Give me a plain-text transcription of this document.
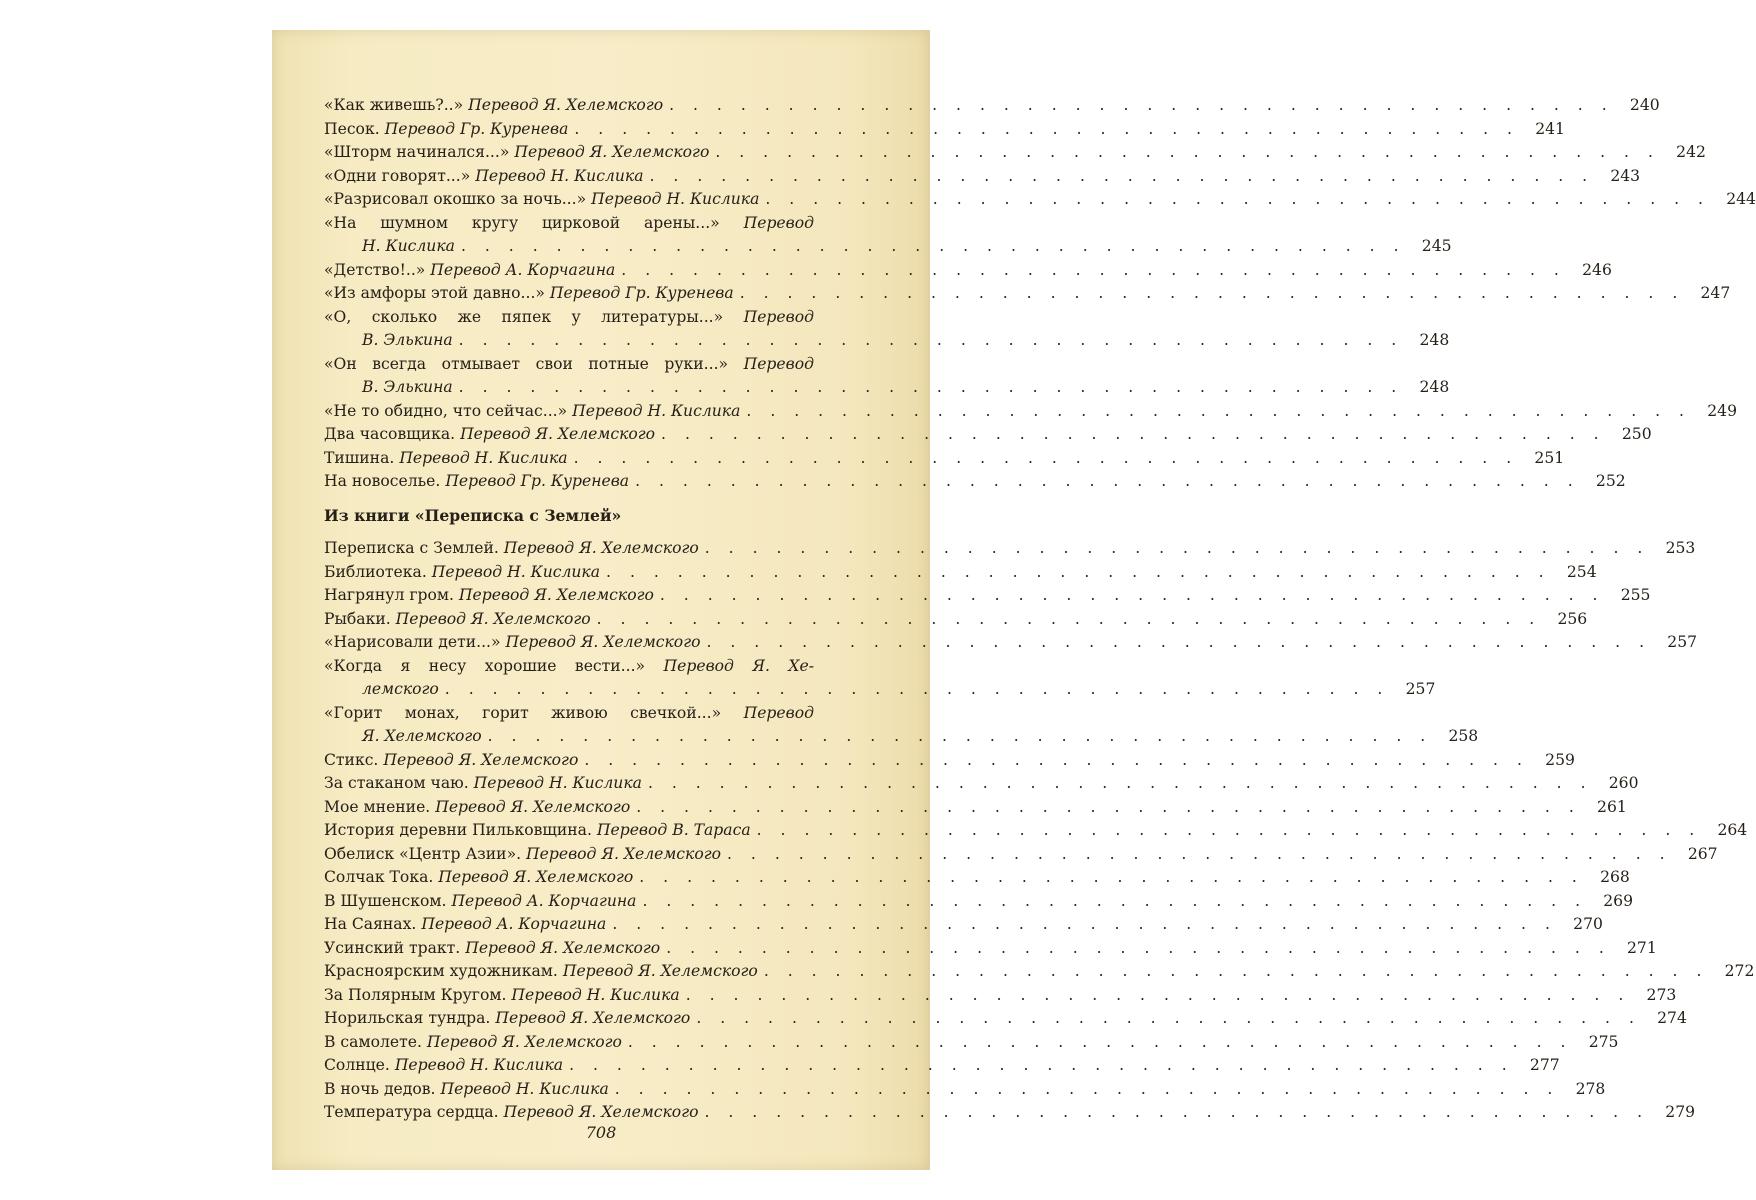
«Как живешь?..» Перевод Я. Хелемского . . . . . . . . . . . . . . . . . . . . . . . . . . . . . . . . . . . . . . . .	240
Песок. Перевод Гр. Куренева . . . . . . . . . . . . . . . . . . . . . . . . . . . . . . . . . . . . . . . .	241
«Шторм начинался...» Перевод Я. Хелемского . . . . . . . . . . . . . . . . . . . . . . . . . . . . . . . . . . . . . . . .	242
«Одни говорят...» Перевод Н. Кислика . . . . . . . . . . . . . . . . . . . . . . . . . . . . . . . . . . . . . . . .	243
«Разрисовал окошко за ночь...» Перевод Н. Кислика . . . . . . . . . . . . . . . . . . . . . . . . . . . . . . . . . . . . . . . .	244
«На шумном кругу цирковой арены...» Перевод
Н. Кислика . . . . . . . . . . . . . . . . . . . . . . . . . . . . . . . . . . . . . . . .	245
«Детство!..» Перевод А. Корчагина . . . . . . . . . . . . . . . . . . . . . . . . . . . . . . . . . . . . . . . .	246
«Из амфоры этой давно...» Перевод Гр. Куренева . . . . . . . . . . . . . . . . . . . . . . . . . . . . . . . . . . . . . . . .	247
«О, сколько же пяпек у литературы...» Перевод
В. Элькина . . . . . . . . . . . . . . . . . . . . . . . . . . . . . . . . . . . . . . . .	248
«Он всегда отмывает свои потные руки...» Перевод
В. Элькина . . . . . . . . . . . . . . . . . . . . . . . . . . . . . . . . . . . . . . . .	248
«Не то обидно, что сейчас...» Перевод Н. Кислика . . . . . . . . . . . . . . . . . . . . . . . . . . . . . . . . . . . . . . . .	249
Два часовщика. Перевод Я. Хелемского . . . . . . . . . . . . . . . . . . . . . . . . . . . . . . . . . . . . . . . .	250
Тишина. Перевод Н. Кислика . . . . . . . . . . . . . . . . . . . . . . . . . . . . . . . . . . . . . . . .	251
На новоселье. Перевод Гр. Куренева . . . . . . . . . . . . . . . . . . . . . . . . . . . . . . . . . . . . . . . .	252
Из книги «Переписка с Землей»
Переписка с Землей. Перевод Я. Хелемского . . . . . . . . . . . . . . . . . . . . . . . . . . . . . . . . . . . . . . . .	253
Библиотека. Перевод Н. Кислика . . . . . . . . . . . . . . . . . . . . . . . . . . . . . . . . . . . . . . . .	254
Нагрянул гром. Перевод Я. Хелемского . . . . . . . . . . . . . . . . . . . . . . . . . . . . . . . . . . . . . . . .	255
Рыбаки. Перевод Я. Хелемского . . . . . . . . . . . . . . . . . . . . . . . . . . . . . . . . . . . . . . . .	256
«Нарисовали дети...» Перевод Я. Хелемского . . . . . . . . . . . . . . . . . . . . . . . . . . . . . . . . . . . . . . . .	257
«Когда я несу хорошие вести...» Перевод Я. Хе-
лемского . . . . . . . . . . . . . . . . . . . . . . . . . . . . . . . . . . . . . . . .	257
«Горит монах, горит живою свечкой...» Перевод
Я. Хелемского . . . . . . . . . . . . . . . . . . . . . . . . . . . . . . . . . . . . . . . .	258
Стикс. Перевод Я. Хелемского . . . . . . . . . . . . . . . . . . . . . . . . . . . . . . . . . . . . . . . .	259
За стаканом чаю. Перевод Н. Кислика . . . . . . . . . . . . . . . . . . . . . . . . . . . . . . . . . . . . . . . .	260
Мое мнение. Перевод Я. Хелемского . . . . . . . . . . . . . . . . . . . . . . . . . . . . . . . . . . . . . . . .	261
История деревни Пильковщина. Перевод В. Тараса . . . . . . . . . . . . . . . . . . . . . . . . . . . . . . . . . . . . . . . .	264
Обелиск «Центр Азии». Перевод Я. Хелемского . . . . . . . . . . . . . . . . . . . . . . . . . . . . . . . . . . . . . . . .	267
Солчак Тока. Перевод Я. Хелемского . . . . . . . . . . . . . . . . . . . . . . . . . . . . . . . . . . . . . . . .	268
В Шушенском. Перевод А. Корчагина . . . . . . . . . . . . . . . . . . . . . . . . . . . . . . . . . . . . . . . .	269
На Саянах. Перевод А. Корчагина . . . . . . . . . . . . . . . . . . . . . . . . . . . . . . . . . . . . . . . .	270
Усинский тракт. Перевод Я. Хелемского . . . . . . . . . . . . . . . . . . . . . . . . . . . . . . . . . . . . . . . .	271
Красноярским художникам. Перевод Я. Хелемского . . . . . . . . . . . . . . . . . . . . . . . . . . . . . . . . . . . . . . . .	272
За Полярным Кругом. Перевод Н. Кислика . . . . . . . . . . . . . . . . . . . . . . . . . . . . . . . . . . . . . . . .	273
Норильская тундра. Перевод Я. Хелемского . . . . . . . . . . . . . . . . . . . . . . . . . . . . . . . . . . . . . . . .	274
В самолете. Перевод Я. Хелемского . . . . . . . . . . . . . . . . . . . . . . . . . . . . . . . . . . . . . . . .	275
Солнце. Перевод Н. Кислика . . . . . . . . . . . . . . . . . . . . . . . . . . . . . . . . . . . . . . . .	277
В ночь дедов. Перевод Н. Кислика . . . . . . . . . . . . . . . . . . . . . . . . . . . . . . . . . . . . . . . .	278
Температура сердца. Перевод Я. Хелемского . . . . . . . . . . . . . . . . . . . . . . . . . . . . . . . . . . . . . . . .	279
708
